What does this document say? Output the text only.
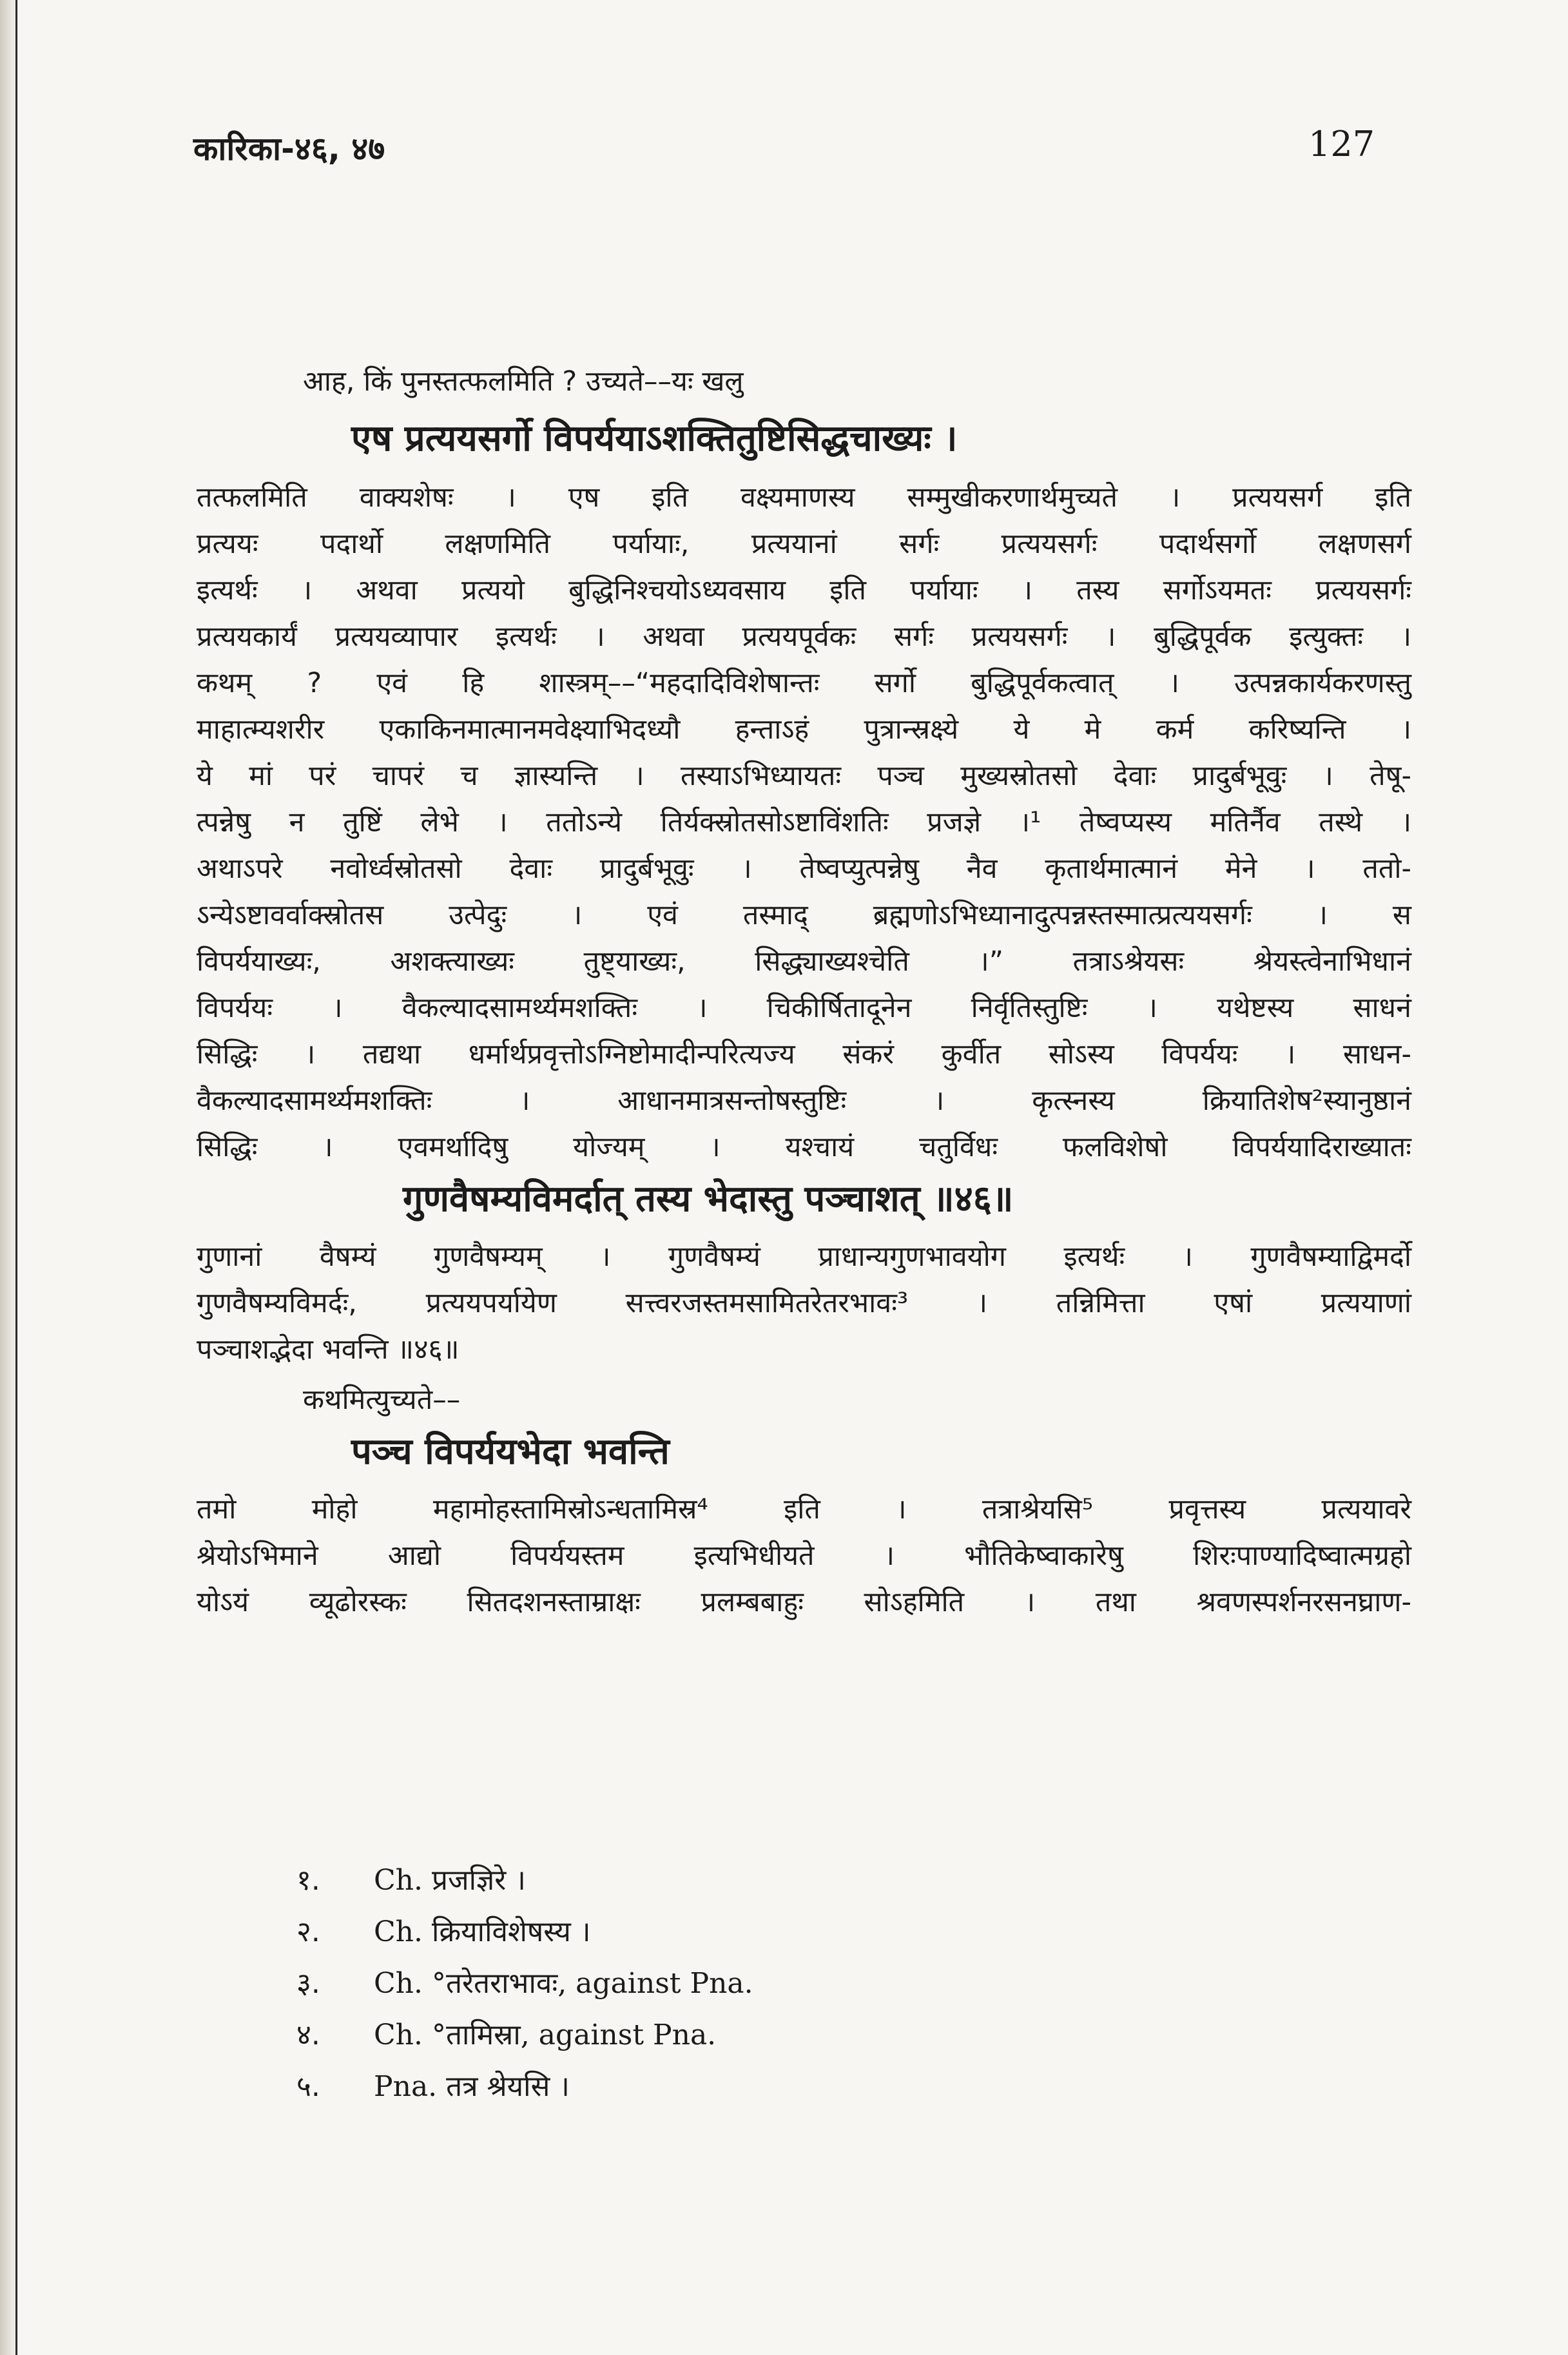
कारिका-४६, ४७	127
आह, किं पुनस्तत्फलमिति ? उच्यते––यः खलु
एष प्रत्ययसर्गो विपर्ययाऽशक्तितुष्टिसिद्धचाख्यः ।
तत्फलमिति वाक्यशेषः । एष इति वक्ष्यमाणस्य सम्मुखीकरणार्थमुच्यते । प्रत्ययसर्ग इति
प्रत्ययः पदार्थो लक्षणमिति पर्यायाः, प्रत्ययानां सर्गः प्रत्ययसर्गः पदार्थसर्गो लक्षणसर्ग
इत्यर्थः । अथवा प्रत्ययो बुद्धिनिश्चयोऽध्यवसाय इति पर्यायाः । तस्य सर्गोऽयमतः प्रत्ययसर्गः
प्रत्ययकार्यं प्रत्ययव्यापार इत्यर्थः । अथवा प्रत्ययपूर्वकः सर्गः प्रत्ययसर्गः । बुद्धिपूर्वक इत्युक्तः ।
कथम् ? एवं हि शास्त्रम्––“महदादिविशेषान्तः सर्गो बुद्धिपूर्वकत्वात् । उत्पन्नकार्यकरणस्तु
माहात्म्यशरीर एकाकिनमात्मानमवेक्ष्याभिदध्यौ हन्ताऽहं पुत्रान्स्रक्ष्ये ये मे कर्म करिष्यन्ति ।
ये मां परं चापरं च ज्ञास्यन्ति । तस्याऽभिध्यायतः पञ्च मुख्यस्रोतसो देवाः प्रादुर्बभूवुः । तेषू-
त्पन्नेषु न तुष्टिं लेभे । ततोऽन्ये तिर्यक्स्रोतसोऽष्टाविंशतिः प्रजज्ञे ।¹ तेष्वप्यस्य मतिर्नैव तस्थे ।
अथाऽपरे नवोर्ध्वस्रोतसो देवाः प्रादुर्बभूवुः । तेष्वप्युत्पन्नेषु नैव कृतार्थमात्मानं मेने । ततो-
ऽन्येऽष्टावर्वाक्स्रोतस उत्पेदुः । एवं तस्माद् ब्रह्मणोऽभिध्यानादुत्पन्नस्तस्मात्प्रत्ययसर्गः । स
विपर्ययाख्यः, अशक्त्याख्यः तुष्ट्याख्यः, सिद्ध्याख्यश्चेति ।” तत्राऽश्रेयसः श्रेयस्त्वेनाभिधानं
विपर्ययः । वैकल्यादसामर्थ्यमशक्तिः । चिकीर्षितादूनेन निर्वृतिस्तुष्टिः । यथेष्टस्य साधनं
सिद्धिः । तद्यथा धर्मार्थप्रवृत्तोऽग्निष्टोमादीन्परित्यज्य संकरं कुर्वीत सोऽस्य विपर्ययः । साधन-
वैकल्यादसामर्थ्यमशक्तिः । आधानमात्रसन्तोषस्तुष्टिः । कृत्स्नस्य क्रियातिशेष²स्यानुष्ठानं
सिद्धिः । एवमर्थादिषु योज्यम् । यश्चायं चतुर्विधः फलविशेषो विपर्ययादिराख्यातः
गुणवैषम्यविमर्दात् तस्य भेदास्तु पञ्चाशत् ॥४६॥
गुणानां वैषम्यं गुणवैषम्यम् । गुणवैषम्यं प्राधान्यगुणभावयोग इत्यर्थः । गुणवैषम्याद्विमर्दो
गुणवैषम्यविमर्दः, प्रत्ययपर्यायेण सत्त्वरजस्तमसामितरेतरभावः³ । तन्निमित्ता एषां प्रत्ययाणां
पञ्चाशद्भेदा भवन्ति ॥४६॥
कथमित्युच्यते––
पञ्च विपर्ययभेदा भवन्ति
तमो मोहो महामोहस्तामिस्रोऽन्धतामिस्र⁴ इति । तत्राश्रेयसि⁵ प्रवृत्तस्य प्रत्ययावरे
श्रेयोऽभिमाने आद्यो विपर्ययस्तम इत्यभिधीयते । भौतिकेष्वाकारेषु शिरःपाण्यादिष्वात्मग्रहो
योऽयं व्यूढोरस्कः सितदशनस्ताम्राक्षः प्रलम्बबाहुः सोऽहमिति । तथा श्रवणस्पर्शनरसनघ्राण-
१. Ch. प्रजज्ञिरे ।
२. Ch. क्रियाविशेषस्य ।
३. Ch. °तरेतराभावः, against Pna.
४. Ch. °तामिस्रा, against Pna.
५. Pna. तत्र श्रेयसि ।
